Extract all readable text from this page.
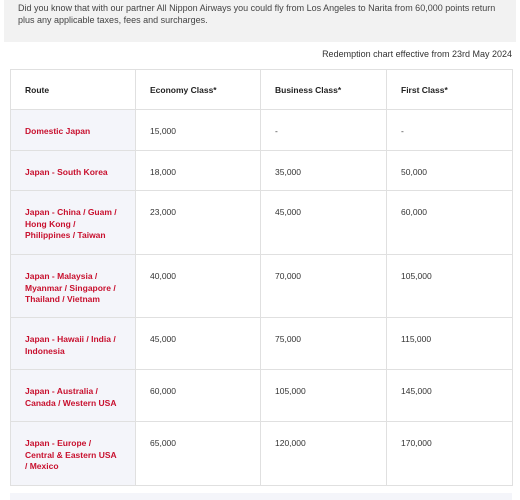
Did you know that with our partner All Nippon Airways you could fly from Los Angeles to Narita from 60,000 points return plus any applicable taxes, fees and surcharges.

Redemption chart effective from 23rd May 2024
Route	Economy Class*	Business Class*	First Class*
Domestic Japan	15,000	-	-
Japan - South Korea	18,000	35,000	50,000
Japan - China / Guam / Hong Kong / Philippines / Taiwan	23,000	45,000	60,000
Japan - Malaysia / Myanmar / Singapore / Thailand / Vietnam	40,000	70,000	105,000
Japan - Hawaii / India / Indonesia	45,000	75,000	115,000
Japan - Australia / Canada / Western USA	60,000	105,000	145,000
Japan - Europe / Central & Eastern USA / Mexico	65,000	120,000	170,000
